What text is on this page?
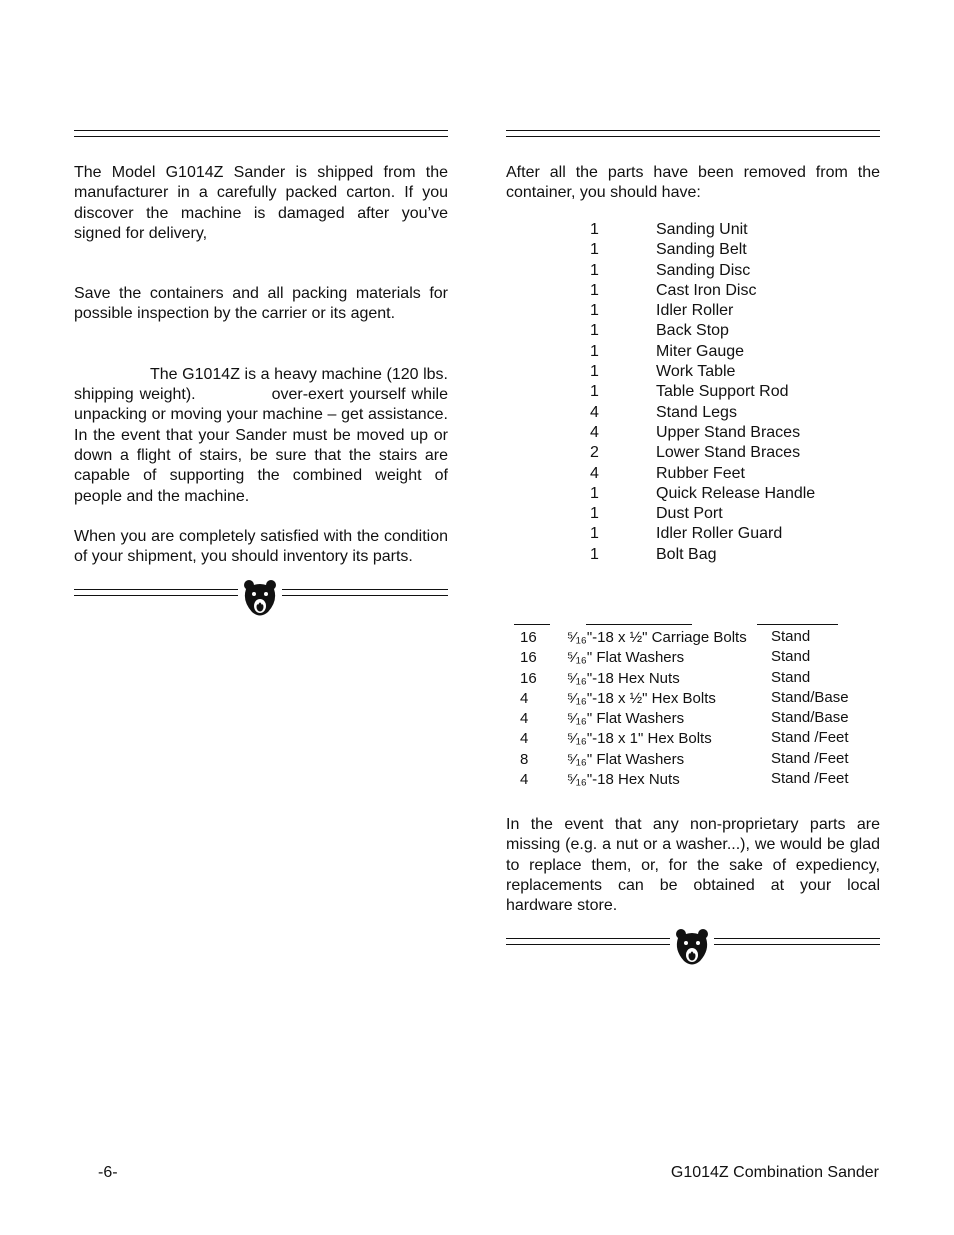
The Model G1014Z Sander is shipped from the manufacturer in a carefully packed carton. If you discover the machine is damaged after you’ve signed for delivery,

Save the containers and all packing materials for possible inspection by the carrier or its agent.

The G1014Z is a heavy machine (120 lbs. shipping weight).	over-exert yourself while unpacking or moving your machine – get assistance. In the event that your Sander must be moved up or down a flight of stairs, be sure that the stairs are capable of supporting the combined weight of people and the machine.

When you are completely satisfied with the condition of your shipment, you should inventory its parts.

After all the parts have been removed from the container, you should have:

1	Sanding Unit
1	Sanding Belt
1	Sanding Disc
1	Cast Iron Disc
1	Idler Roller
1	Back Stop
1	Miter Gauge
1	Work Table
1	Table Support Rod
4	Stand Legs
4	Upper Stand Braces
2	Lower Stand Braces
4	Rubber Feet
1	Quick Release Handle
1	Dust Port
1	Idler Roller Guard
1	Bolt Bag
16 ⁵⁄₁₆"-18 x ½" Carriage Bolts Stand
16 ⁵⁄₁₆" Flat Washers	Stand
16 ⁵⁄₁₆"-18 Hex Nuts	Stand
4	⁵⁄₁₆"-18 x ½" Hex Bolts	Stand/Base
4	⁵⁄₁₆" Flat Washers	Stand/Base
4	⁵⁄₁₆"-18 x 1" Hex Bolts	Stand /Feet
8	⁵⁄₁₆" Flat Washers	Stand /Feet
4	⁵⁄₁₆"-18 Hex Nuts	Stand /Feet

In the event that any non-proprietary parts are missing (e.g. a nut or a washer...), we would be glad to replace them, or, for the sake of expediency, replacements can be obtained at your local hardware store.

-6-	G1014Z Combination Sander
